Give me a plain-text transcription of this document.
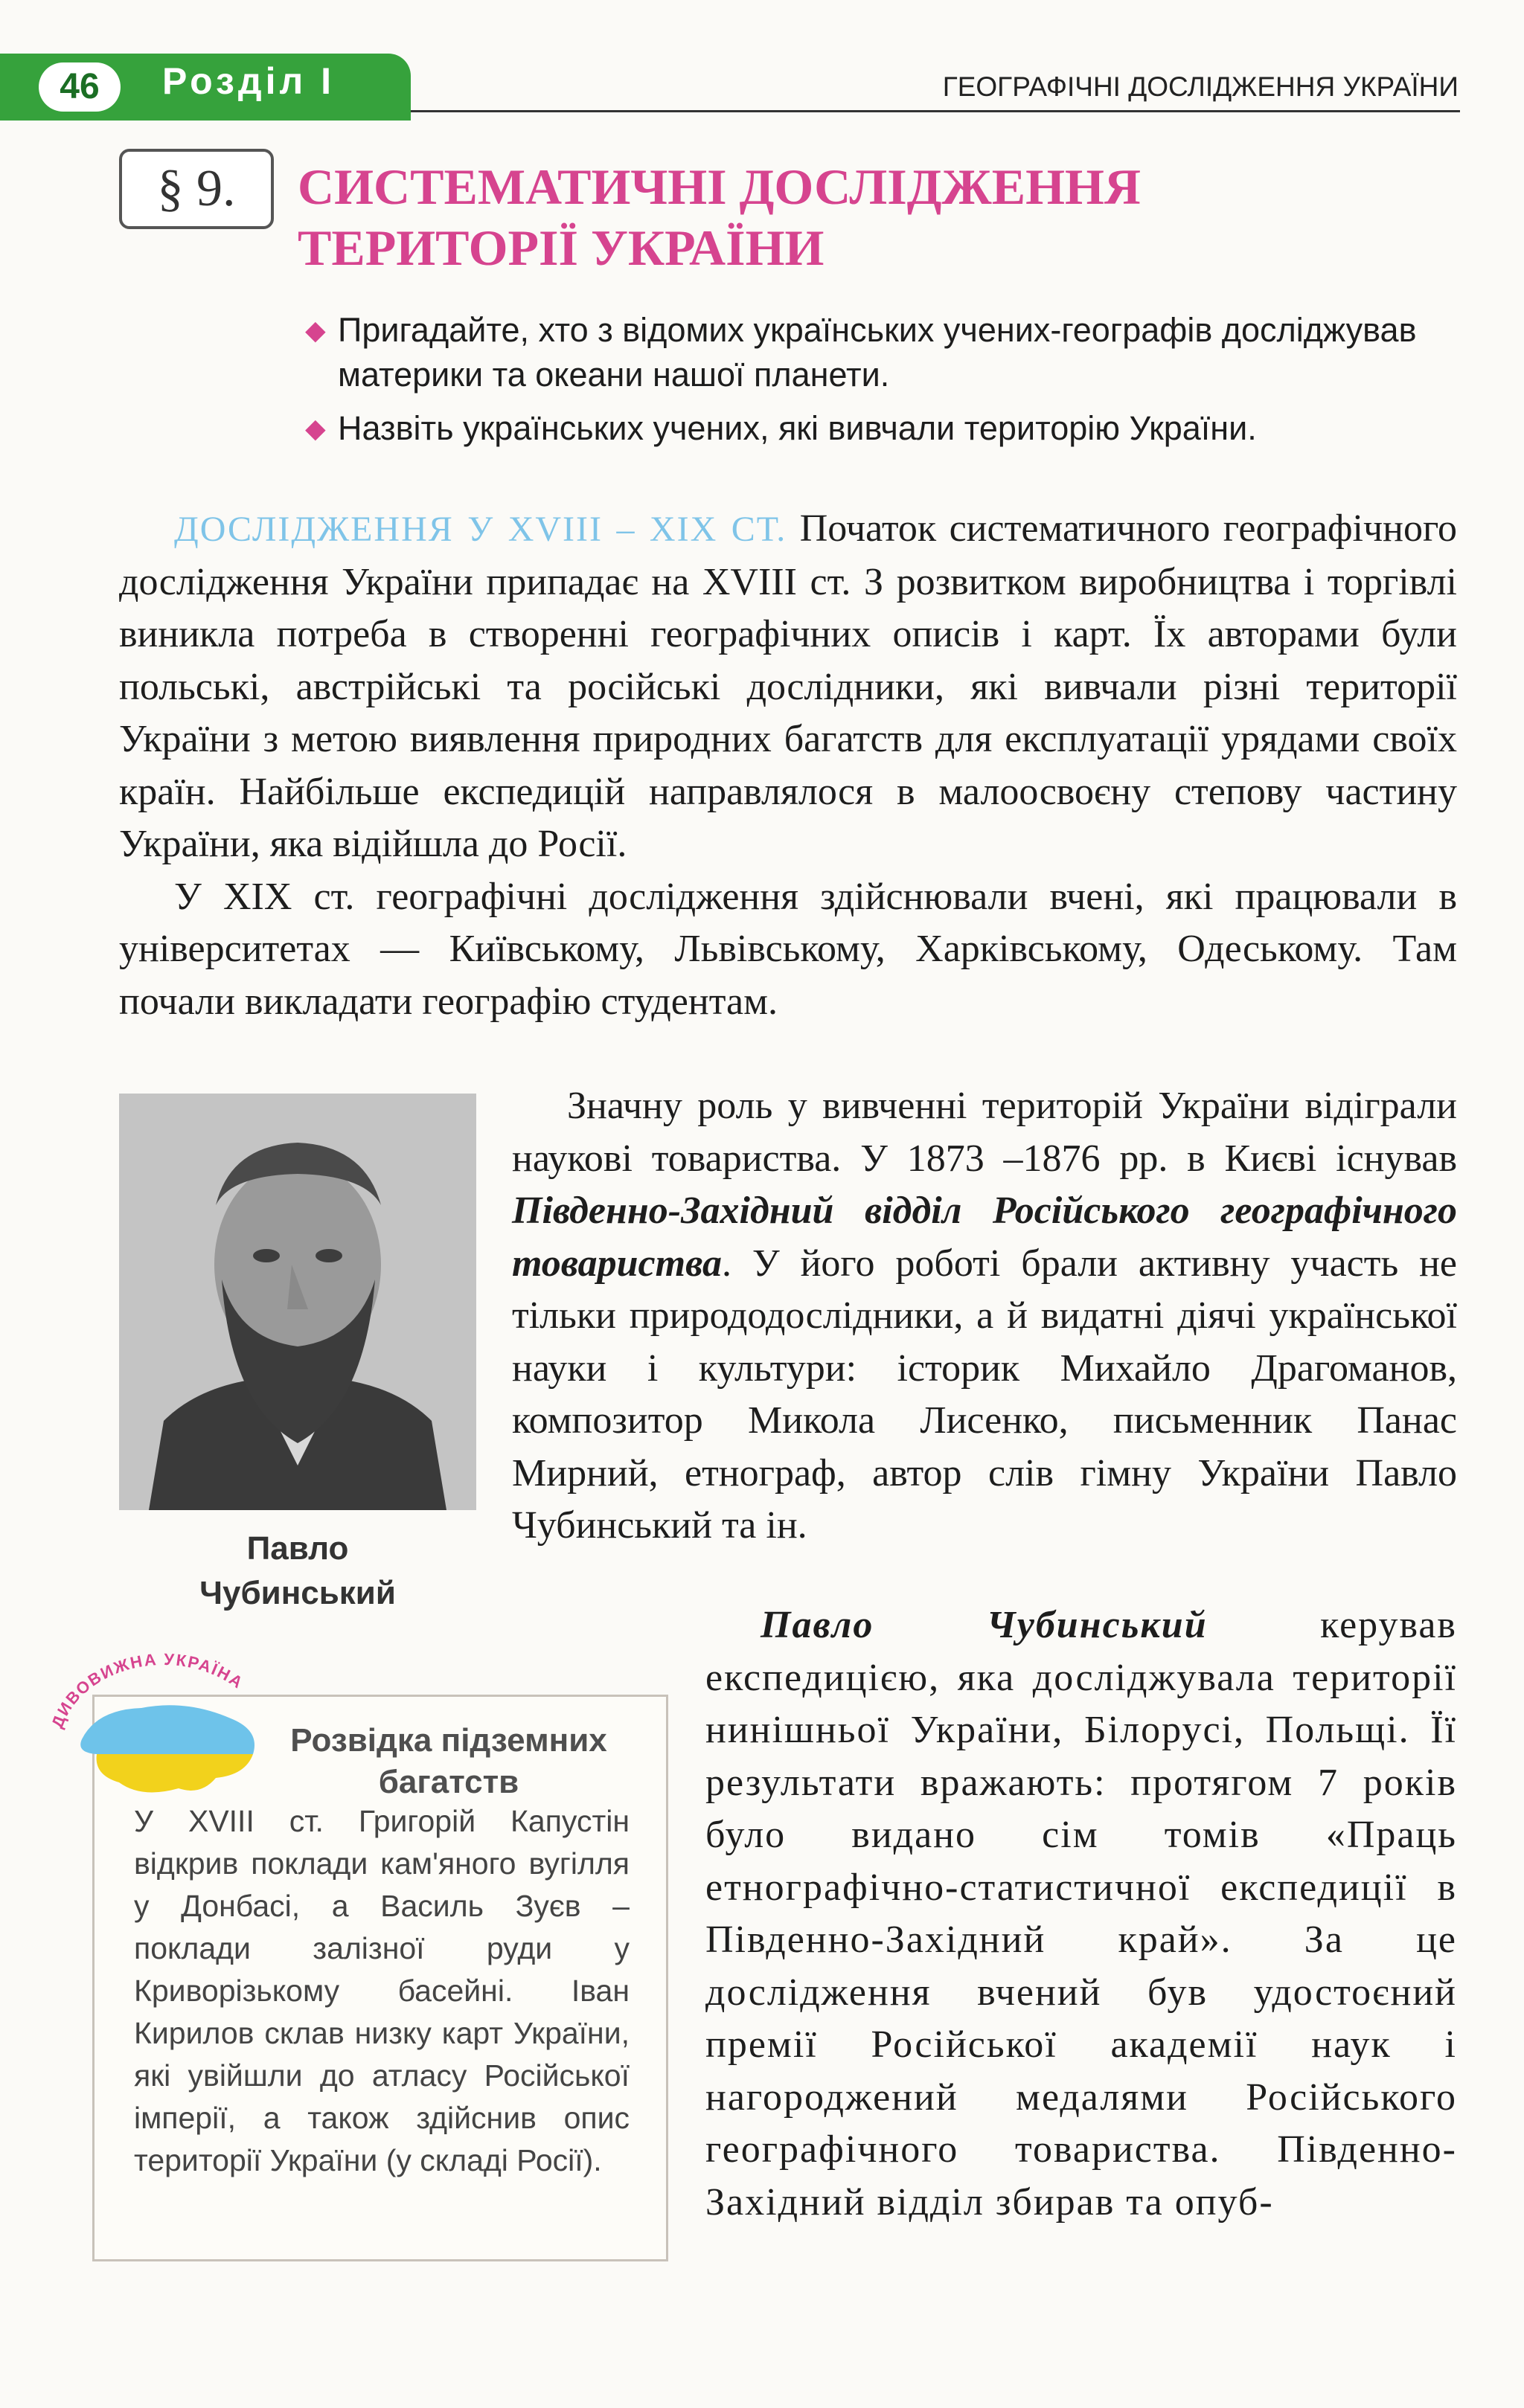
46	Розділ І	ГЕОГРАФІЧНІ ДОСЛІДЖЕННЯ УКРАЇНИ
§ 9.	СИСТЕМАТИЧНІ ДОСЛІДЖЕННЯ
ТЕРИТОРІЇ УКРАЇНИ
◆ Пригадайте, хто з відомих українських учених-географів досліджував материки та океани нашої планети.
◆ Назвіть українських учених, які вивчали територію України.

ДОСЛІДЖЕННЯ У XVIII – XIX СТ. Початок систематичного географічного дослідження України припадає на XVIII ст. З розвитком виробництва і торгівлі виникла потреба в створенні географічних описів і карт. Їх авторами були польські, австрійські та російські дослідники, які вивчали різні території України з метою виявлення природних багатств для експлуатації урядами своїх країн. Найбільше експедицій направлялося в малоосвоєну степову частину України, яка відійшла до Росії.

У XIX ст. географічні дослідження здійснювали вчені, які працювали в університетах — Київському, Львівському, Харківському, Одеському. Там почали викладати географію студентам.

Значну роль у вивченні територій України відіграли наукові товариства. У 1873 –1876 рр. в Києві існував Південно-Західний відділ Російського географічного товариства. У його роботі брали активну участь не тільки природодослідники, а й видатні діячі української науки і культури: історик Михайло Драгоманов, композитор Микола Лисенко, письменник Панас Мирний, етнограф, автор слів гімну України Павло Чубинський та ін.

Павло Чубинський	керував експедицією, яка досліджувала території нинішньої України, Білорусі, Польщі. Її результати вражають: протягом 7 років було видано сім томів «Праць етнографічно-статистичної експедиції в Південно-Західний край». За це дослідження вчений був удостоєний премії Російської академії наук і нагороджений медалями Російського географічного товариства. Південно-Західний відділ збирав та опуб-

Павло
Чубинський
ДИВОВИЖНА УКРАЇНА
Розвідка підземних багатств
У XVIII ст. Григорій Капустін відкрив поклади кам'яного вугілля у Донбасі, а Василь Зуєв – поклади залізної руди у Криворізькому басейні. Іван Кирилов склав низку карт України, які увійшли до атласу Російської імперії, а також здійснив опис території України (у складі Росії).
